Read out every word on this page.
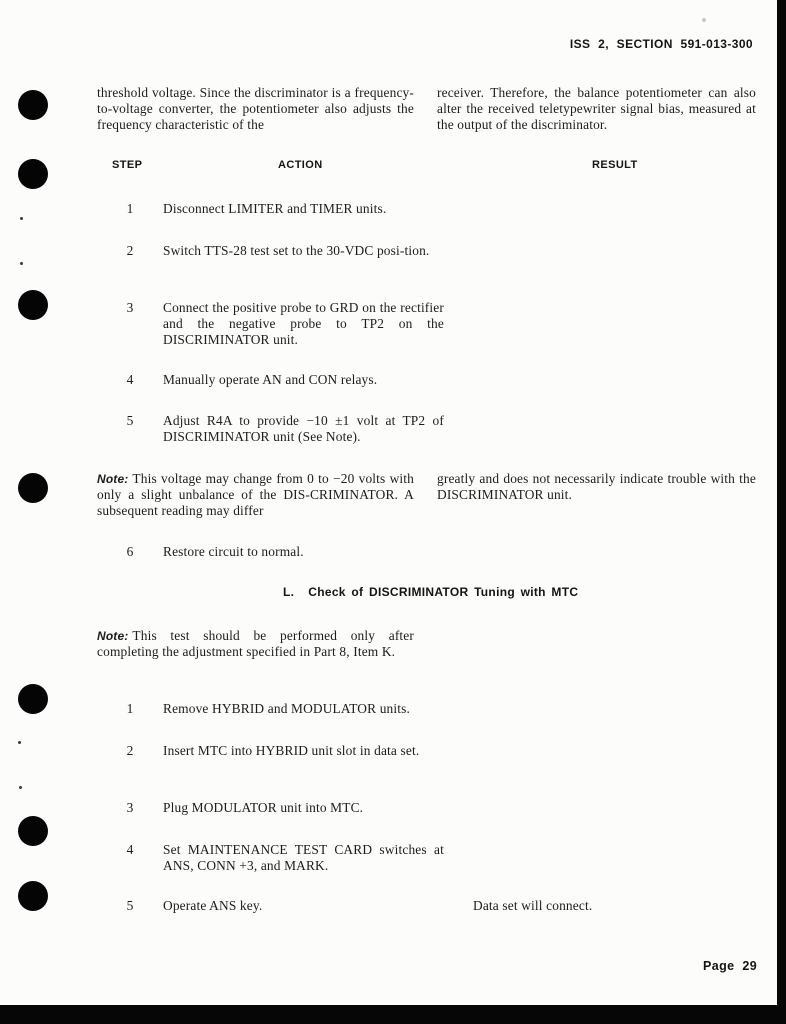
ISS 2, SECTION 591-013-300
threshold voltage. Since the discriminator is a frequency-to-voltage converter, the potentiometer also adjusts the frequency characteristic of the
receiver. Therefore, the balance potentiometer can also alter the received teletypewriter signal bias, measured at the output of the discriminator.
STEP	ACTION	RESULT
1	Disconnect LIMITER and TIMER units.
2	Switch TTS-28 test set to the 30-VDC posi-tion.
3	Connect the positive probe to GRD on the rectifier and the negative probe to TP2 on the DISCRIMINATOR unit.
4	Manually operate AN and CON relays.
5	Adjust R4A to provide −10 ±1 volt at TP2 of DISCRIMINATOR unit (See Note).
Note: This voltage may change from 0 to −20 volts with only a slight unbalance of the DIS-CRIMINATOR. A subsequent reading may differ
greatly and does not necessarily indicate trouble with the DISCRIMINATOR unit.
6	Restore circuit to normal.
L. Check of DISCRIMINATOR Tuning with MTC
Note: This test should be performed only after completing the adjustment specified in Part 8, Item K.
1	Remove HYBRID and MODULATOR units.
2	Insert MTC into HYBRID unit slot in data set.
3	Plug MODULATOR unit into MTC.
4	Set MAINTENANCE TEST CARD switches at ANS, CONN +3, and MARK.
5	Operate ANS key.	Data set will connect.
Page 29
